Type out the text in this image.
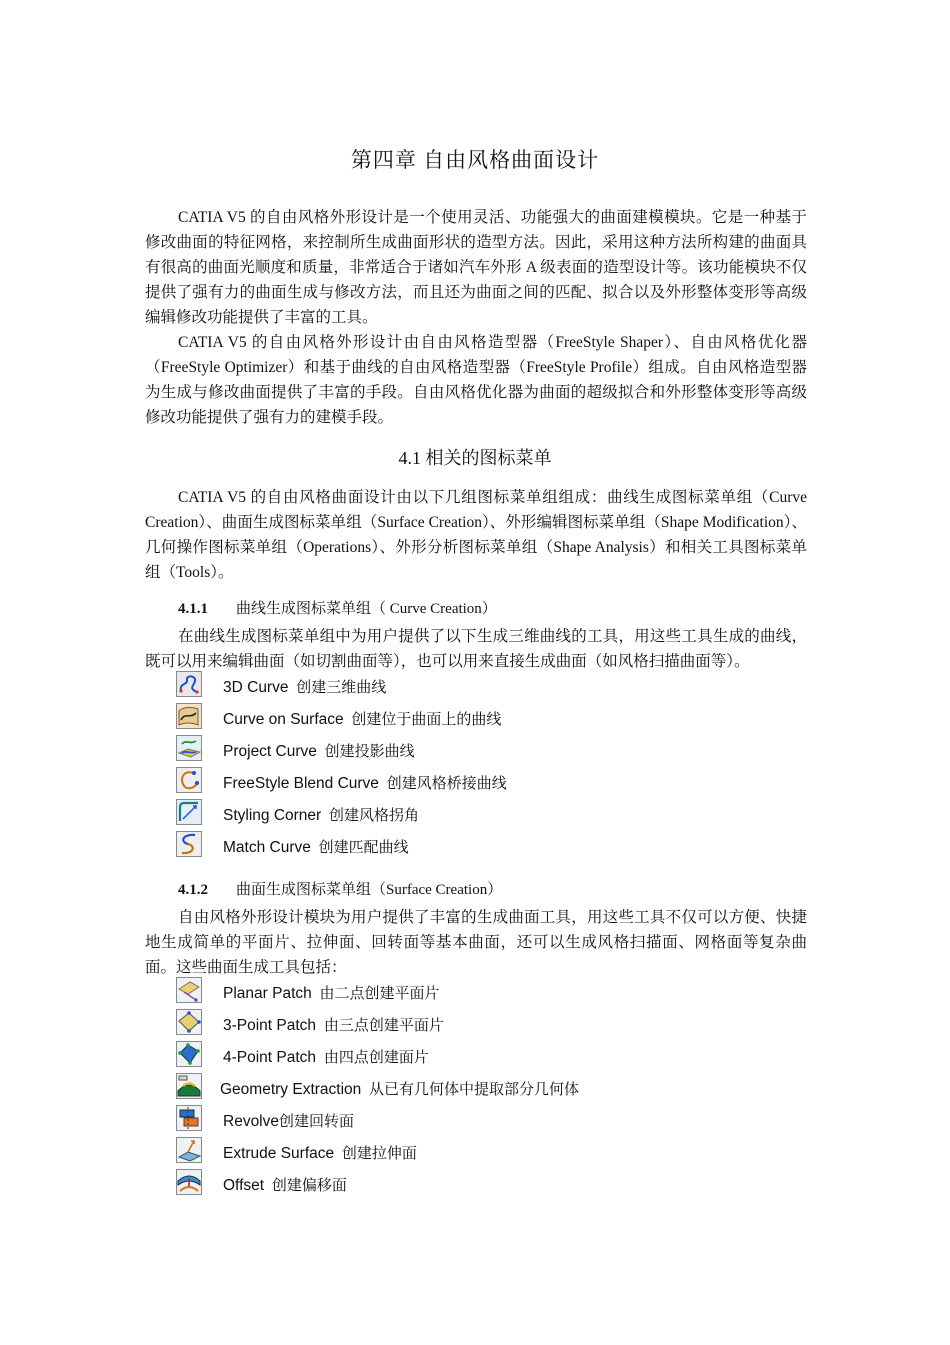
第四章 自由风格曲面设计
CATIA V5 的自由风格外形设计是一个使用灵活、功能强大的曲面建模模块。它是一种基于修改曲面的特征网格，来控制所生成曲面形状的造型方法。因此，采用这种方法所构建的曲面具有很高的曲面光顺度和质量，非常适合于诸如汽车外形 A 级表面的造型设计等。该功能模块不仅提供了强有力的曲面生成与修改方法，而且还为曲面之间的匹配、拟合以及外形整体变形等高级编辑修改功能提供了丰富的工具。
CATIA V5 的自由风格外形设计由自由风格造型器（FreeStyle Shaper）、自由风格优化器（FreeStyle Optimizer）和基于曲线的自由风格造型器（FreeStyle Profile）组成。自由风格造型器为生成与修改曲面提供了丰富的手段。自由风格优化器为曲面的超级拟合和外形整体变形等高级修改功能提供了强有力的建模手段。
4.1 相关的图标菜单
CATIA V5 的自由风格曲面设计由以下几组图标菜单组组成：曲线生成图标菜单组（Curve Creation）、曲面生成图标菜单组（Surface Creation）、外形编辑图标菜单组（Shape Modification）、几何操作图标菜单组（Operations）、外形分析图标菜单组（Shape Analysis）和相关工具图标菜单组（Tools）。
4.1.1 曲线生成图标菜单组（ Curve Creation）
在曲线生成图标菜单组中为用户提供了以下生成三维曲线的工具，用这些工具生成的曲线，既可以用来编辑曲面（如切割曲面等），也可以用来直接生成曲面（如风格扫描曲面等）。
3D Curve 创建三维曲线
Curve on Surface 创建位于曲面上的曲线
Project Curve 创建投影曲线
FreeStyle Blend Curve 创建风格桥接曲线
Styling Corner 创建风格拐角
Match Curve 创建匹配曲线
4.1.2 曲面生成图标菜单组（Surface Creation）
自由风格外形设计模块为用户提供了丰富的生成曲面工具，用这些工具不仅可以方便、快捷地生成简单的平面片、拉伸面、回转面等基本曲面，还可以生成风格扫描面、网格面等复杂曲面。这些曲面生成工具包括：
Planar Patch 由二点创建平面片
3-Point Patch 由三点创建平面片
4-Point Patch 由四点创建面片
Geometry Extraction 从已有几何体中提取部分几何体
Revolve创建回转面
Extrude Surface 创建拉伸面
Offset 创建偏移面
